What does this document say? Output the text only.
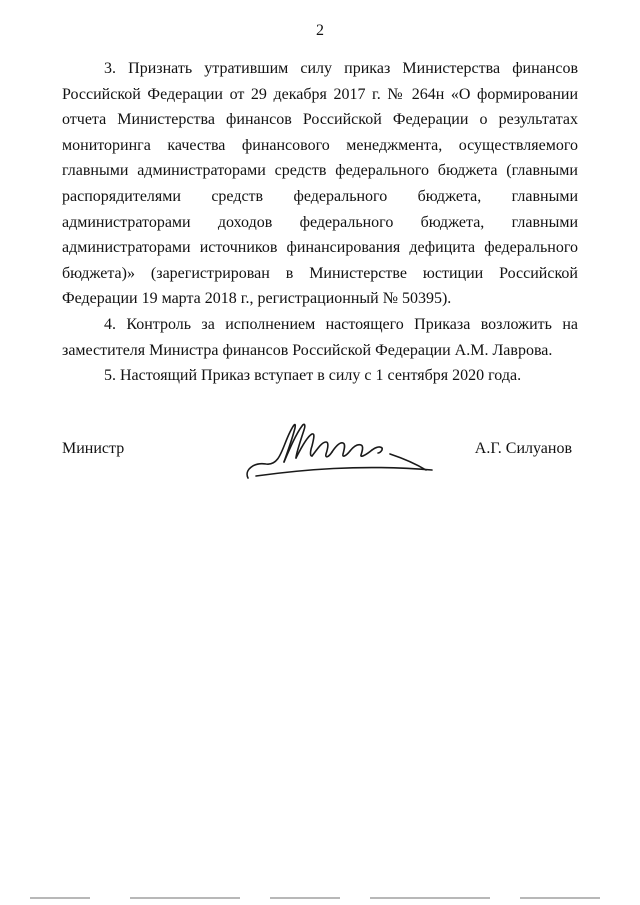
2

3. Признать утратившим силу приказ Министерства финансов Российской Федерации от 29 декабря 2017 г. № 264н «О формировании отчета Министерства финансов Российской Федерации о результатах мониторинга качества финансового менеджмента, осуществляемого главными администраторами средств федерального бюджета (главными распорядителями средств федерального бюджета, главными администраторами доходов федерального бюджета, главными администраторами источников финансирования дефицита федерального бюджета)» (зарегистрирован в Министерстве юстиции Российской Федерации 19 марта 2018 г., регистрационный № 50395).

4. Контроль за исполнением настоящего Приказа возложить на заместителя Министра финансов Российской Федерации А.М. Лаврова.

5. Настоящий Приказ вступает в силу с 1 сентября 2020 года.

Министр	А.Г. Силуанов
